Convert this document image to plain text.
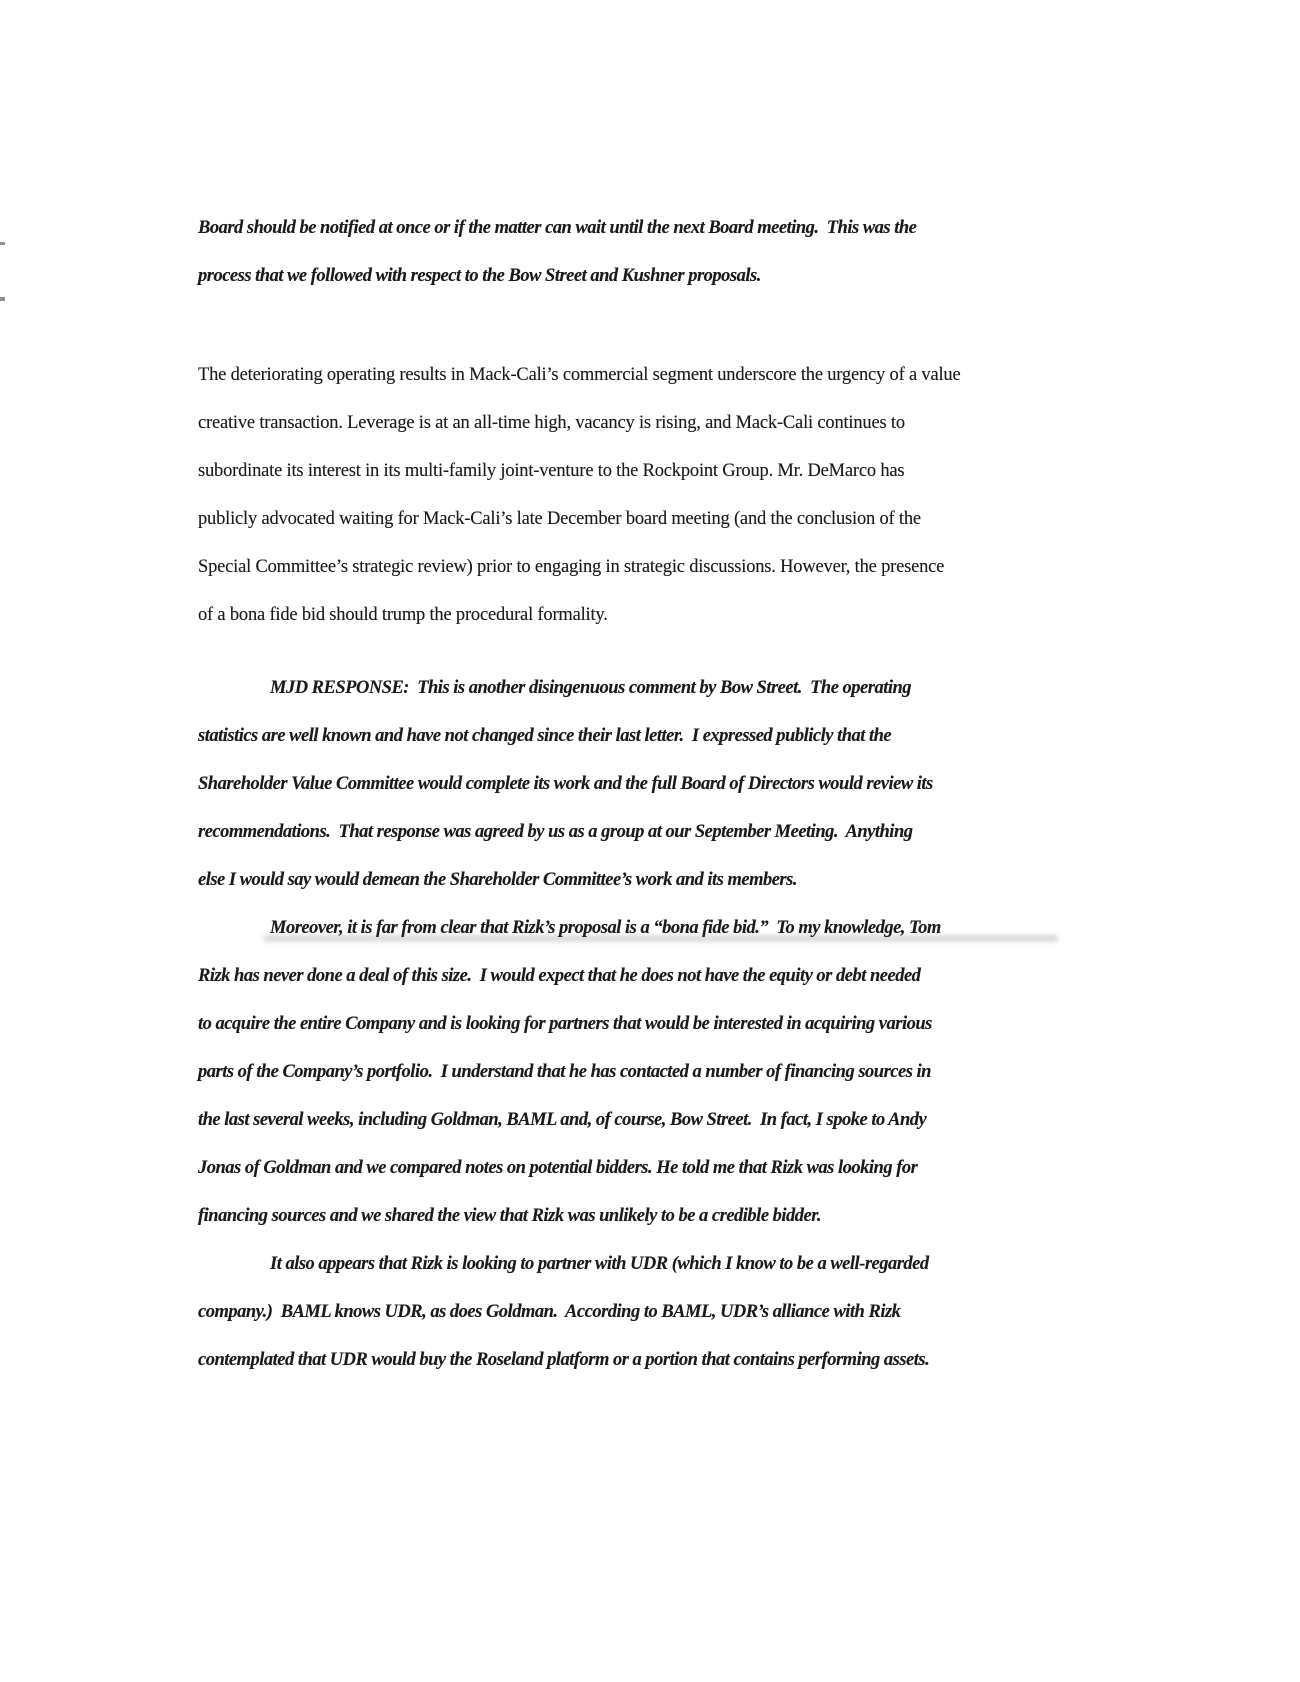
Board should be notified at once or if the matter can wait until the next Board meeting.  This was the
process that we followed with respect to the Bow Street and Kushner proposals.
The deteriorating operating results in Mack-Cali’s commercial segment underscore the urgency of a value
creative transaction. Leverage is at an all-time high, vacancy is rising, and Mack-Cali continues to
subordinate its interest in its multi-family joint-venture to the Rockpoint Group. Mr. DeMarco has
publicly advocated waiting for Mack-Cali’s late December board meeting (and the conclusion of the
Special Committee’s strategic review) prior to engaging in strategic discussions. However, the presence
of a bona fide bid should trump the procedural formality.
MJD RESPONSE:  This is another disingenuous comment by Bow Street.  The operating
statistics are well known and have not changed since their last letter.  I expressed publicly that the
Shareholder Value Committee would complete its work and the full Board of Directors would review its
recommendations.  That response was agreed by us as a group at our September Meeting.  Anything
else I would say would demean the Shareholder Committee’s work and its members.
Moreover, it is far from clear that Rizk’s proposal is a “bona fide bid.”  To my knowledge, Tom
Rizk has never done a deal of this size.  I would expect that he does not have the equity or debt needed
to acquire the entire Company and is looking for partners that would be interested in acquiring various
parts of the Company’s portfolio.  I understand that he has contacted a number of financing sources in
the last several weeks, including Goldman, BAML and, of course, Bow Street.  In fact, I spoke to Andy
Jonas of Goldman and we compared notes on potential bidders. He told me that Rizk was looking for
financing sources and we shared the view that Rizk was unlikely to be a credible bidder.
It also appears that Rizk is looking to partner with UDR (which I know to be a well-regarded
company.)  BAML knows UDR, as does Goldman.  According to BAML, UDR’s alliance with Rizk
contemplated that UDR would buy the Roseland platform or a portion that contains performing assets.
